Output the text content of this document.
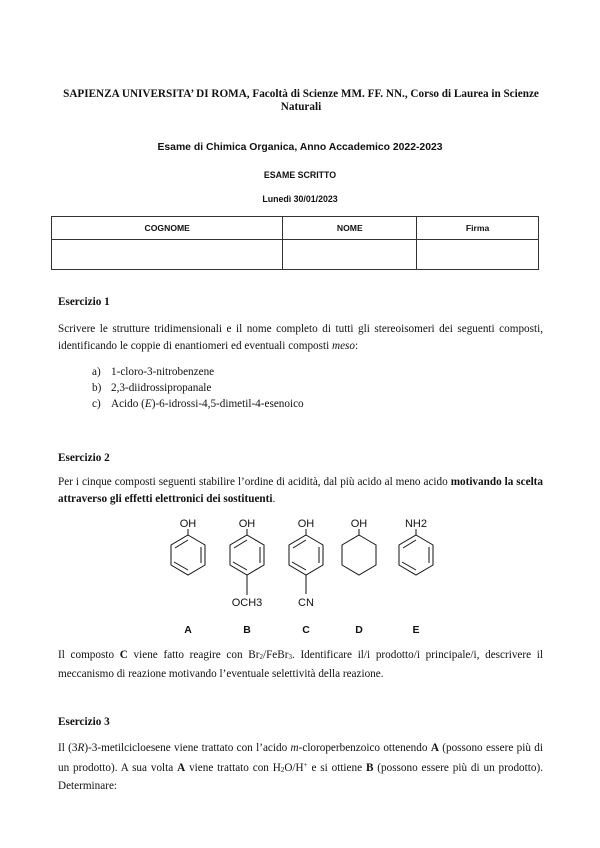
SAPIENZA UNIVERSITA’ DI ROMA, Facoltà di Scienze MM. FF. NN., Corso di Laurea in Scienze Naturali
Esame di Chimica Organica, Anno Accademico 2022-2023
ESAME SCRITTO
Lunedì 30/01/2023
COGNOME	NOME	Firma

Esercizio 1
Scrivere le strutture tridimensionali e il nome completo di tutti gli stereoisomeri dei seguenti composti, identificando le coppie di enantiomeri ed eventuali composti meso:
a) 1-cloro-3-nitrobenzene
b) 2,3-diidrossipropanale
c) Acido (E)-6-idrossi-4,5-dimetil-4-esenoico
Esercizio 2
Per i cinque composti seguenti stabilire l’ordine di acidità, dal più acido al meno acido motivando la scelta attraverso gli effetti elettronici dei sostituenti.
OH	OH	OH	OH	NH2
OCH3	CN
A	B	C	D	E
Il composto C viene fatto reagire con $Br_2/FeBr_3$. Identificare il/i prodotto/i principale/i, descrivere il meccanismo di reazione motivando l’eventuale selettività della reazione.
Esercizio 3
Il (3R)-3-metilcicloesene viene trattato con l’acido m-cloroperbenzoico ottenendo A (possono essere più di un prodotto). A sua volta A viene trattato con $H_2O/H^+$ e si ottiene B (possono essere più di un prodotto). Determinare:
